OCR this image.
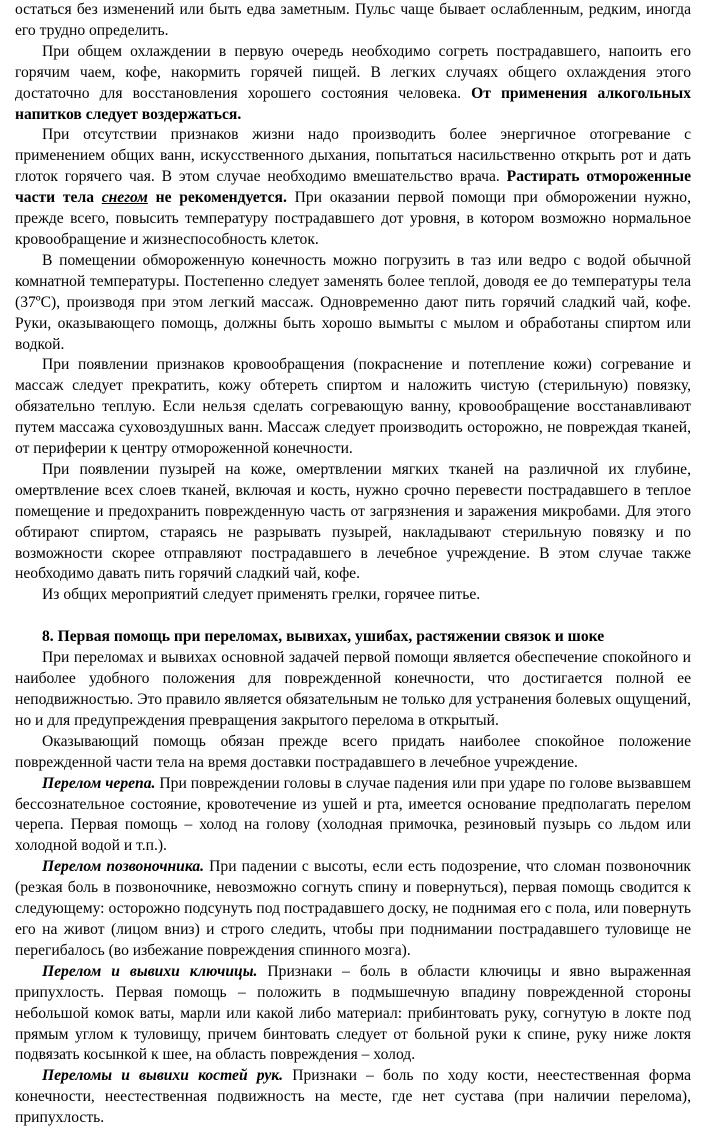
остаться без изменений или быть едва заметным. Пульс чаще бывает ослабленным, редким, иногда его трудно определить.

При общем охлаждении в первую очередь необходимо согреть пострадавшего, напоить его горячим чаем, кофе, накормить горячей пищей. В легких случаях общего охлаждения этого достаточно для восстановления хорошего состояния человека. От применения алкогольных напитков следует воздержаться.

При отсутствии признаков жизни надо производить более энергичное отогревание с применением общих ванн, искусственного дыхания, попытаться насильственно открыть рот и дать глоток горячего чая. В этом случае необходимо вмешательство врача. Растирать отмороженные части тела снегом не рекомендуется. При оказании первой помощи при обморожении нужно, прежде всего, повысить температуру пострадавшего дот уровня, в котором возможно нормальное кровообращение и жизнеспособность клеток.

В помещении обмороженную конечность можно погрузить в таз или ведро с водой обычной комнатной температуры. Постепенно следует заменять более теплой, доводя ее до температуры тела (37ºС), производя при этом легкий массаж. Одновременно дают пить горячий сладкий чай, кофе. Руки, оказывающего помощь, должны быть хорошо вымыты с мылом и обработаны спиртом или водкой.

При появлении признаков кровообращения (покраснение и потепление кожи) согревание и массаж следует прекратить, кожу обтереть спиртом и наложить чистую (стерильную) повязку, обязательно теплую. Если нельзя сделать согревающую ванну, кровообращение восстанавливают путем массажа суховоздушных ванн. Массаж следует производить осторожно, не повреждая тканей, от периферии к центру отмороженной конечности.

При появлении пузырей на коже, омертвлении мягких тканей на различной их глубине, омертвление всех слоев тканей, включая и кость, нужно срочно перевести пострадавшего в теплое помещение и предохранить поврежденную часть от загрязнения и заражения микробами. Для этого обтирают спиртом, стараясь не разрывать пузырей, накладывают стерильную повязку и по возможности скорее отправляют пострадавшего в лечебное учреждение. В этом случае также необходимо давать пить горячий сладкий чай, кофе.

Из общих мероприятий следует применять грелки, горячее питье.

8. Первая помощь при переломах, вывихах, ушибах, растяжении связок и шоке

При переломах и вывихах основной задачей первой помощи является обеспечение спокойного и наиболее удобного положения для поврежденной конечности, что достигается полной ее неподвижностью. Это правило является обязательным не только для устранения болевых ощущений, но и для предупреждения превращения закрытого перелома в открытый.

Оказывающий помощь обязан прежде всего придать наиболее спокойное положение поврежденной части тела на время доставки пострадавшего в лечебное учреждение.

Перелом черепа. При повреждении головы в случае падения или при ударе по голове вызвавшем бессознательное состояние, кровотечение из ушей и рта, имеется основание предполагать перелом черепа. Первая помощь – холод на голову (холодная примочка, резиновый пузырь со льдом или холодной водой и т.п.).

Перелом позвоночника. При падении с высоты, если есть подозрение, что сломан позвоночник (резкая боль в позвоночнике, невозможно согнуть спину и повернуться), первая помощь сводится к следующему: осторожно подсунуть под пострадавшего доску, не поднимая его с пола, или повернуть его на живот (лицом вниз) и строго следить, чтобы при поднимании пострадавшего туловище не перегибалось (во избежание повреждения спинного мозга).

Перелом и вывихи ключицы. Признаки – боль в области ключицы и явно выраженная припухлость. Первая помощь – положить в подмышечную впадину поврежденной стороны небольшой комок ваты, марли или какой либо материал: прибинтовать руку, согнутую в локте под прямым углом к туловищу, причем бинтовать следует от больной руки к спине, руку ниже локтя подвязать косынкой к шее, на область повреждения – холод.

Переломы и вывихи костей рук. Признаки – боль по ходу кости, неестественная форма конечности, неестественная подвижность на месте, где нет сустава (при наличии перелома), припухлость.
